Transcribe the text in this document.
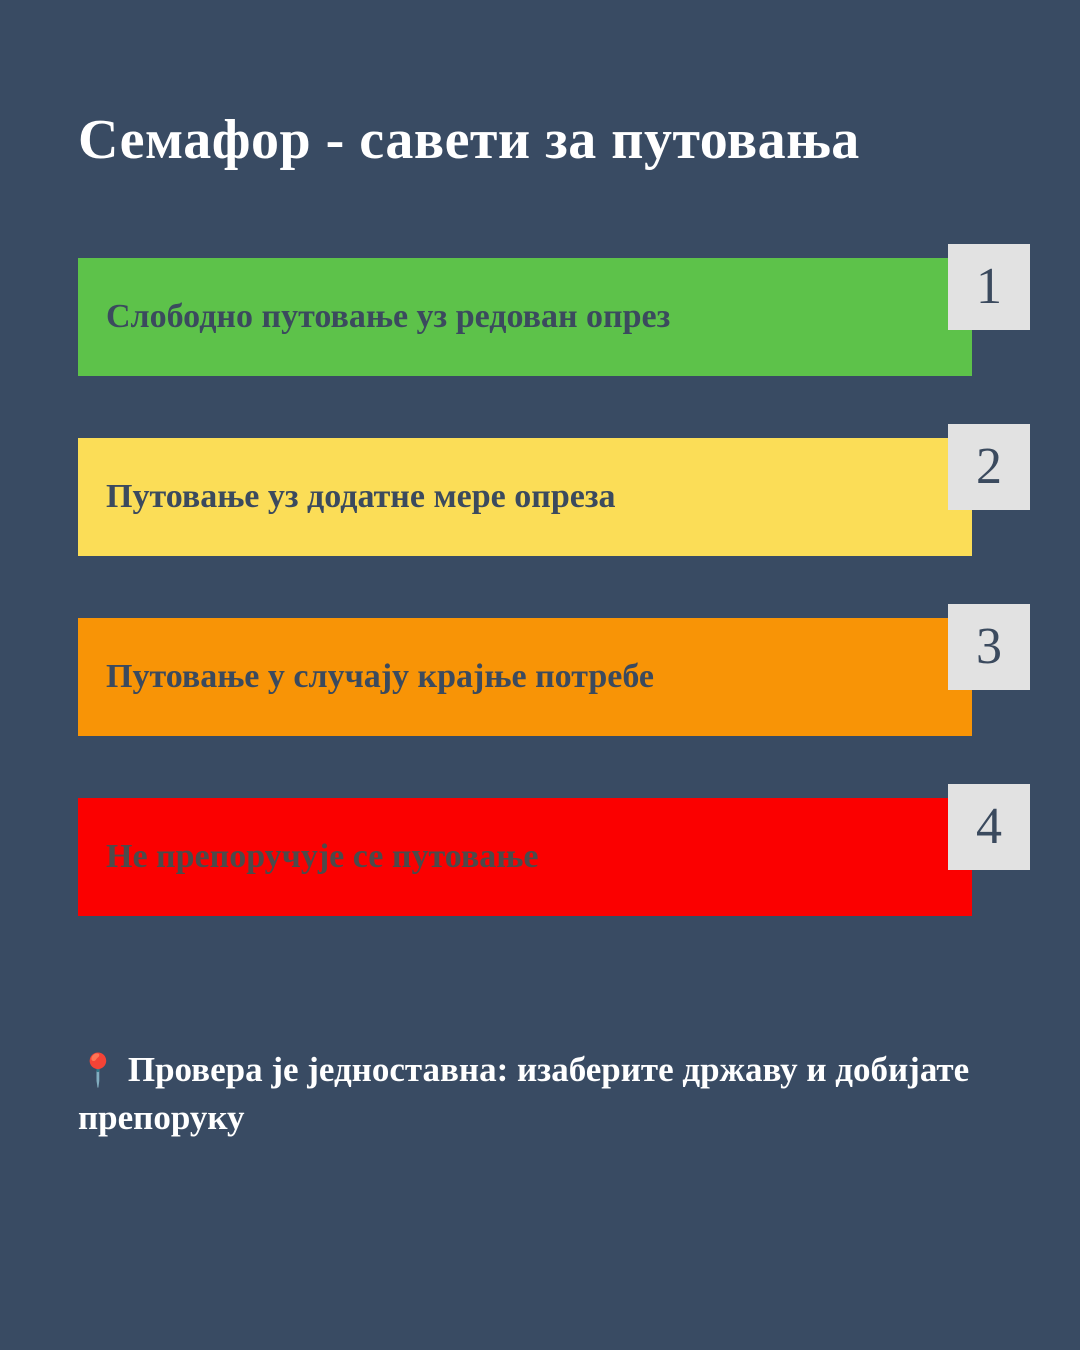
Семафор - савети за путовања
Слободно путовање уз редован опрез
1
Путовање уз додатне мере опреза
2
Путовање у случају крајње потребе
3
Не препоручује се путовање
4
📍 Провера је једноставна: изаберите државу и добијате препоруку
